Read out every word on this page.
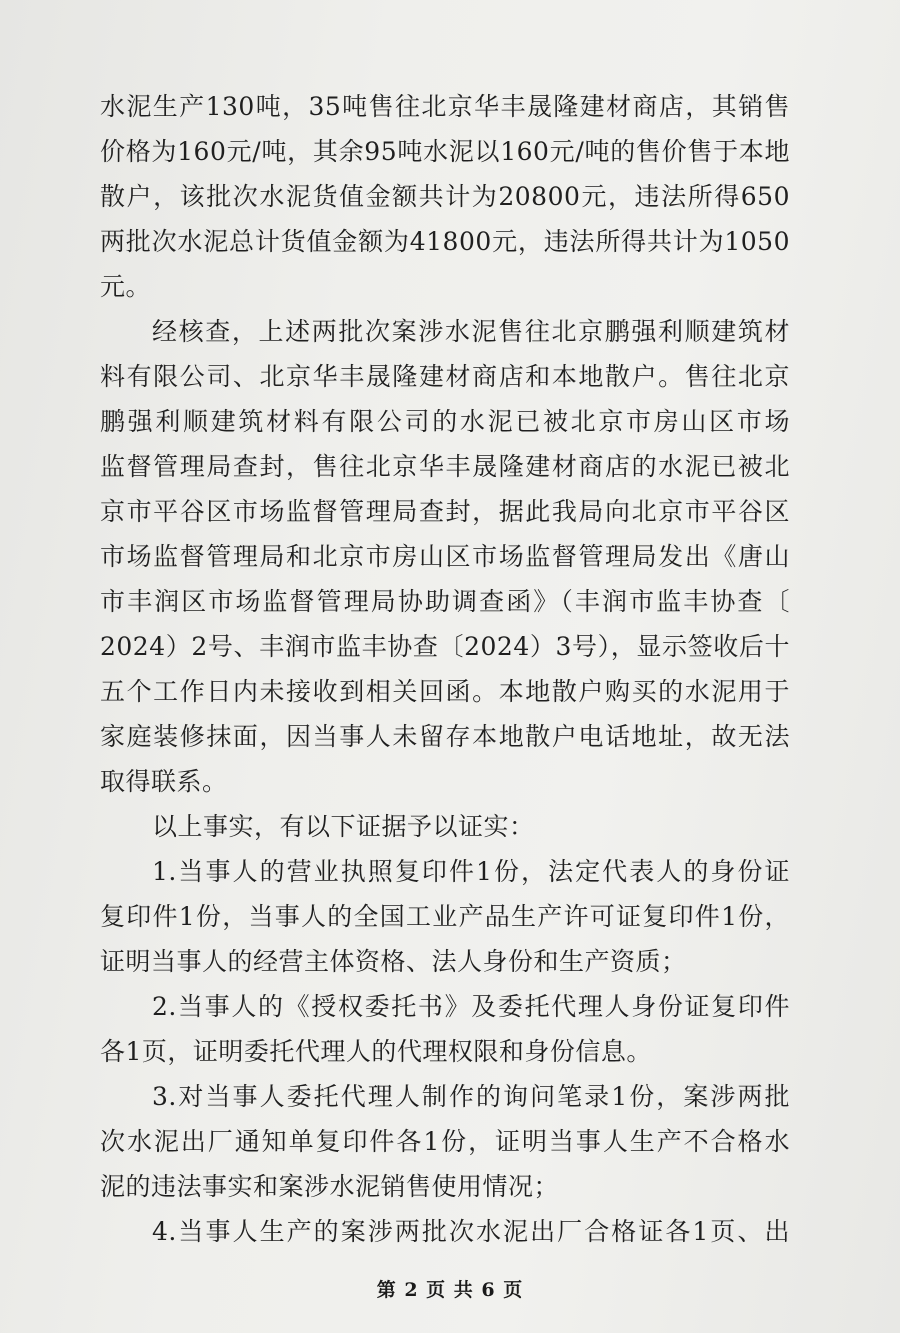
水泥生产130吨，35吨售往北京华丰晟隆建材商店，其销售
价格为160元/吨，其余95吨水泥以160元/吨的售价售于本地
散户，该批次水泥货值金额共计为20800元，违法所得650
两批次水泥总计货值金额为41800元，违法所得共计为1050
元。
经核查，上述两批次案涉水泥售往北京鹏强利顺建筑材
料有限公司、北京华丰晟隆建材商店和本地散户。售往北京
鹏强利顺建筑材料有限公司的水泥已被北京市房山区市场
监督管理局查封，售往北京华丰晟隆建材商店的水泥已被北
京市平谷区市场监督管理局查封，据此我局向北京市平谷区
市场监督管理局和北京市房山区市场监督管理局发出《唐山
市丰润区市场监督管理局协助调查函》（丰润市监丰协查〔
2024）2号、丰润市监丰协查〔2024）3号），显示签收后十
五个工作日内未接收到相关回函。本地散户购买的水泥用于
家庭装修抹面，因当事人未留存本地散户电话地址，故无法
取得联系。
以上事实，有以下证据予以证实：
1.当事人的营业执照复印件1份，法定代表人的身份证
复印件1份，当事人的全国工业产品生产许可证复印件1份，
证明当事人的经营主体资格、法人身份和生产资质；
2.当事人的《授权委托书》及委托代理人身份证复印件
各1页，证明委托代理人的代理权限和身份信息。
3.对当事人委托代理人制作的询问笔录1份，案涉两批
次水泥出厂通知单复印件各1份，证明当事人生产不合格水
泥的违法事实和案涉水泥销售使用情况；
4.当事人生产的案涉两批次水泥出厂合格证各1页、出
第 2 页 共 6 页
